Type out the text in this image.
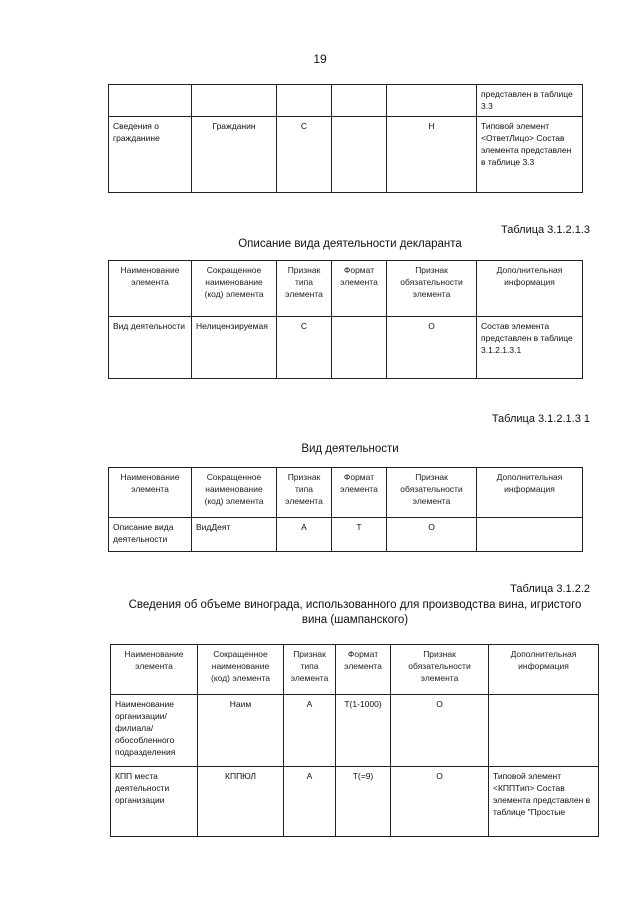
19
					представлен в таблице 3.3
Сведения о гражданине	Гражданин	С		Н	Типовой элемент <ОтветЛицо> Состав элемента представлен в таблице 3.3
Таблица 3.1.2.1.3
Описание вида деятельности декларанта
Наименование элемента	Сокращенное наименование (код) элемента	Признак типа элемента	Формат элемента	Признак обязательности элемента	Дополнительная информация
Вид деятельности	Нелицензируемая	С		О	Состав элемента представлен в таблице 3.1.2.1.3.1
Таблица 3.1.2.1.3 1
Вид деятельности
Наименование элемента	Сокращенное наименование (код) элемента	Признак типа элемента	Формат элемента	Признак обязательности элемента	Дополнительная информация
Описание вида деятельности	ВидДеят	А	Т	О	
Таблица 3.1.2.2
Сведения об объеме винограда, использованного для производства вина, игристого вина (шампанского)
Наименование элемента	Сокращенное наименование (код) элемента	Признак типа элемента	Формат элемента	Признак обязательности элемента	Дополнительная информация
Наименование организации/ филиала/ обособленного подразделения	Наим	А	Т(1-1000)	О	
КПП места деятельности организации	КППЮЛ	А	Т(=9)	О	Типовой элемент <КППТип> Состав элемента представлен в таблице "Простые
